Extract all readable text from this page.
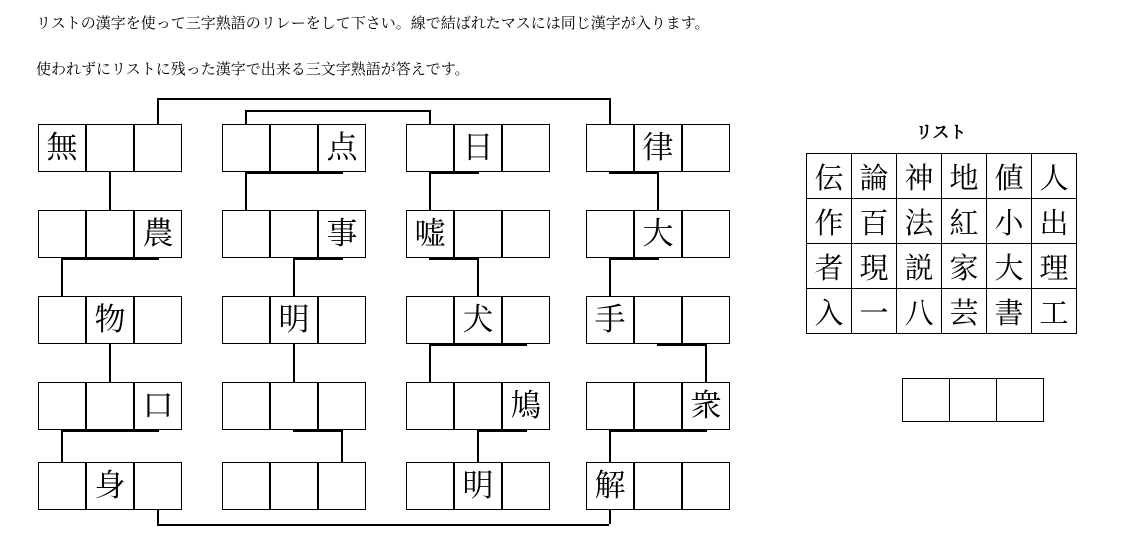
リストの漢字を使って三字熟語のリレーをして下さい。線で結ばれたマスには同じ漢字が入ります。
使われずにリストに残った漢字で出来る三文字熟語が答えです。
無
農
物
口
身
点
事
明
日
嘘
犬
鳩
明
律
大
手
衆
解
リスト
伝	論	神	地	値	人
作	百	法	紅	小	出
者	現	説	家	大	理
入	一	八	芸	書	工
